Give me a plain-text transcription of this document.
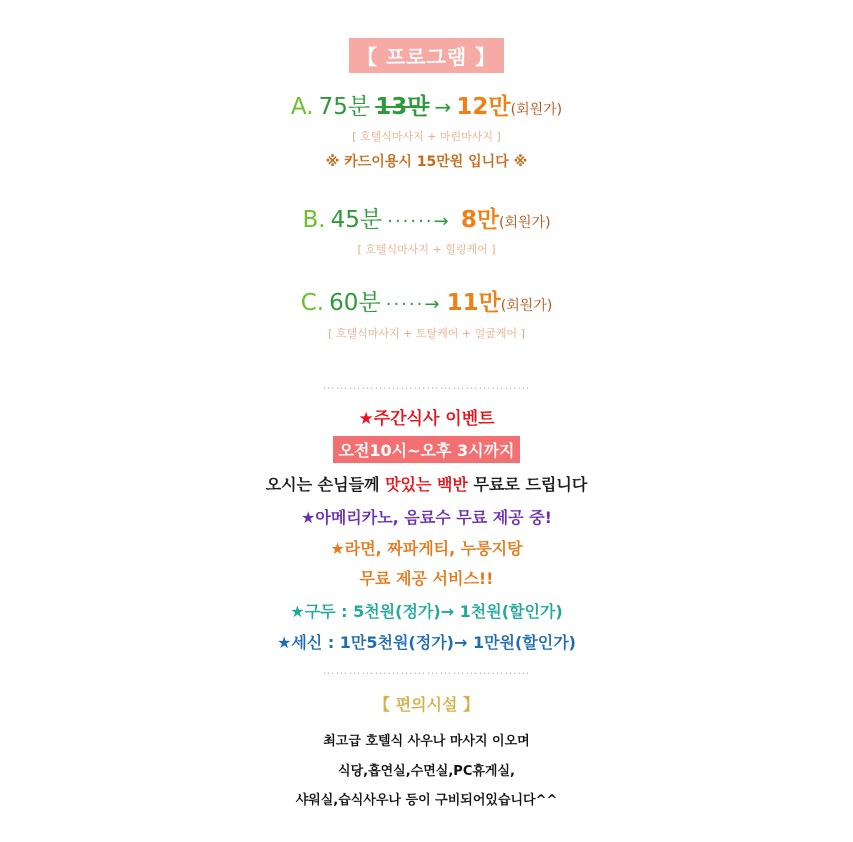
【 프로그램 】
A. 75분 13만 → 12만(회원가)
[ 호텔식마사지 + 마린마사지 ]
※ 카드이용시 15만원 입니다 ※
B. 45분 ······→ 8만(회원가)
[ 호텔식마사지 + 힐링케어 ]
C. 60분 ·····→ 11만(회원가)
[ 호텔식마사지 + 토탈케어 + 얼굴케어 ]
…………………………………………
★주간식사 이벤트
오전10시~오후 3시까지
오시는 손님들께 맛있는 백반 무료로 드립니다
★아메리카노, 음료수 무료 제공 중!
★라면, 짜파게티, 누룽지탕
무료 제공 서비스!!
★구두 : 5천원(정가)→ 1천원(할인가)
★세신 : 1만5천원(정가)→ 1만원(할인가)
…………………………………………
【 편의시설 】
최고급 호텔식 사우나 마사지 이오며
식당,흡연실,수면실,PC휴게실,
샤워실,습식사우나 등이 구비되어있습니다^^
